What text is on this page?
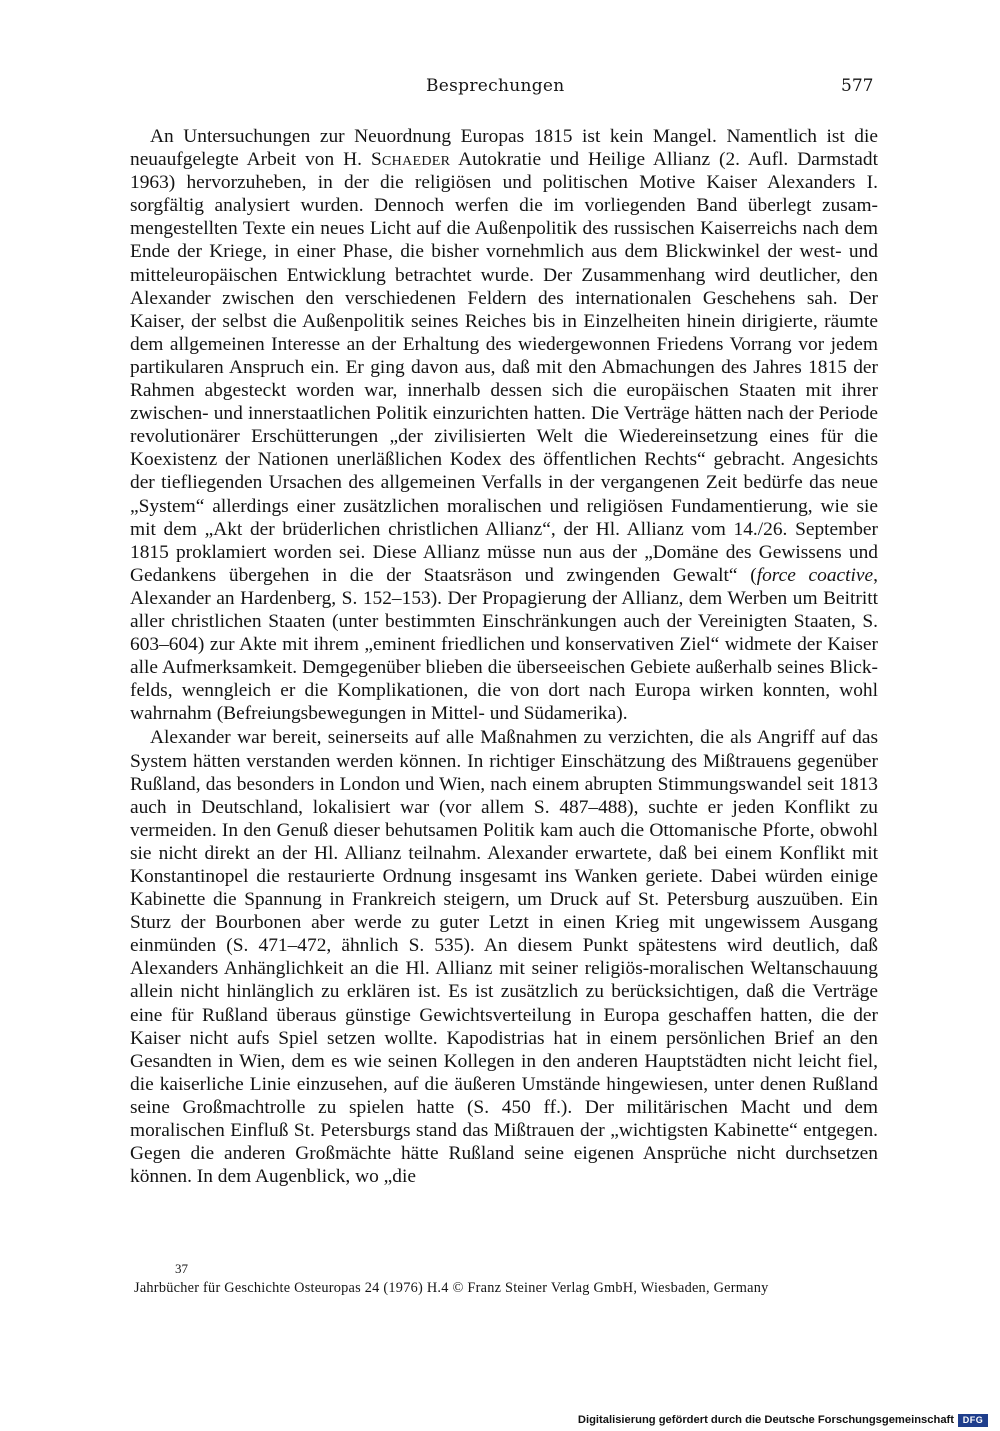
Besprechungen	577

An Untersuchungen zur Neuordnung Europas 1815 ist kein Mangel. Namentlich ist die neuaufgelegte Arbeit von H. Schaeder Autokratie und Heilige Allianz (2. Aufl. Darmstadt 1963) hervorzuheben, in der die religiösen und politischen Motive Kaiser Alexanders I. sorgfältig analysiert wurden. Dennoch werfen die im vorliegenden Band überlegt zusammengestellten Texte ein neues Licht auf die Außenpolitik des russischen Kaiserreichs nach dem Ende der Kriege, in einer Phase, die bisher vornehmlich aus dem Blickwinkel der west- und mitteleuropäischen Entwicklung betrachtet wurde. Der Zusammenhang wird deutlicher, den Alexander zwischen den verschiedenen Feldern des internationalen Geschehens sah. Der Kaiser, der selbst die Außenpolitik seines Reiches bis in Einzelheiten hinein dirigierte, räumte dem allgemeinen Interesse an der Erhaltung des wiedergewonnen Friedens Vorrang vor jedem partikularen Anspruch ein. Er ging davon aus, daß mit den Abmachungen des Jahres 1815 der Rahmen abgesteckt worden war, innerhalb dessen sich die europäischen Staaten mit ihrer zwischen- und innerstaatlichen Politik einzurichten hatten. Die Verträge hätten nach der Periode revolutionärer Erschütterungen „der zivilisierten Welt die Wiedereinsetzung eines für die Koexistenz der Nationen unerläßlichen Kodex des öffentlichen Rechts“ gebracht. Angesichts der tiefliegenden Ursachen des allgemeinen Verfalls in der vergangenen Zeit bedürfe das neue „System“ allerdings einer zusätzlichen moralischen und religiösen Fundamentierung, wie sie mit dem „Akt der brüderlichen christlichen Allianz“, der Hl. Allianz vom 14./26. September 1815 proklamiert worden sei. Diese Allianz müsse nun aus der „Domäne des Gewissens und Gedankens übergehen in die der Staatsräson und zwingenden Gewalt“ (force coactive, Alexander an Hardenberg, S. 152–153). Der Propagierung der Allianz, dem Werben um Beitritt aller christlichen Staaten (unter bestimmten Einschränkungen auch der Vereinigten Staaten, S. 603–604) zur Akte mit ihrem „eminent friedlichen und konservativen Ziel“ widmete der Kaiser alle Aufmerksamkeit. Demgegenüber blieben die überseeischen Gebiete außerhalb seines Blickfelds, wenngleich er die Komplikationen, die von dort nach Europa wirken konnten, wohl wahrnahm (Befreiungsbewegungen in Mittel- und Südamerika).

Alexander war bereit, seinerseits auf alle Maßnahmen zu verzichten, die als Angriff auf das System hätten verstanden werden können. In richtiger Einschätzung des Mißtrauens gegenüber Rußland, das besonders in London und Wien, nach einem abrupten Stimmungswandel seit 1813 auch in Deutschland, lokalisiert war (vor allem S. 487–488), suchte er jeden Konflikt zu vermeiden. In den Genuß dieser behutsamen Politik kam auch die Ottomanische Pforte, obwohl sie nicht direkt an der Hl. Allianz teilnahm. Alexander erwartete, daß bei einem Konflikt mit Konstantinopel die restaurierte Ordnung insgesamt ins Wanken geriete. Dabei würden einige Kabinette die Spannung in Frankreich steigern, um Druck auf St. Petersburg auszuüben. Ein Sturz der Bourbonen aber werde zu guter Letzt in einen Krieg mit ungewissem Ausgang einmünden (S. 471–472, ähnlich S. 535). An diesem Punkt spätestens wird deutlich, daß Alexanders Anhänglichkeit an die Hl. Allianz mit seiner religiös-moralischen Weltanschauung allein nicht hinlänglich zu erklären ist. Es ist zusätzlich zu berücksichtigen, daß die Verträge eine für Rußland überaus günstige Gewichtsverteilung in Europa geschaffen hatten, die der Kaiser nicht aufs Spiel setzen wollte. Kapodistrias hat in einem persönlichen Brief an den Gesandten in Wien, dem es wie seinen Kollegen in den anderen Hauptstädten nicht leicht fiel, die kaiserliche Linie einzusehen, auf die äußeren Umstände hingewiesen, unter denen Rußland seine Großmachtrolle zu spielen hatte (S. 450 ff.). Der militärischen Macht und dem moralischen Einfluß St. Petersburgs stand das Mißtrauen der „wichtigsten Kabinette“ entgegen. Gegen die anderen Großmächte hätte Rußland seine eigenen Ansprüche nicht durchsetzen können. In dem Augenblick, wo „die

37
Jahrbücher für Geschichte Osteuropas 24 (1976) H.4 © Franz Steiner Verlag GmbH, Wiesbaden, Germany
Digitalisierung gefördert durch die Deutsche Forschungsgemeinschaft DFG
